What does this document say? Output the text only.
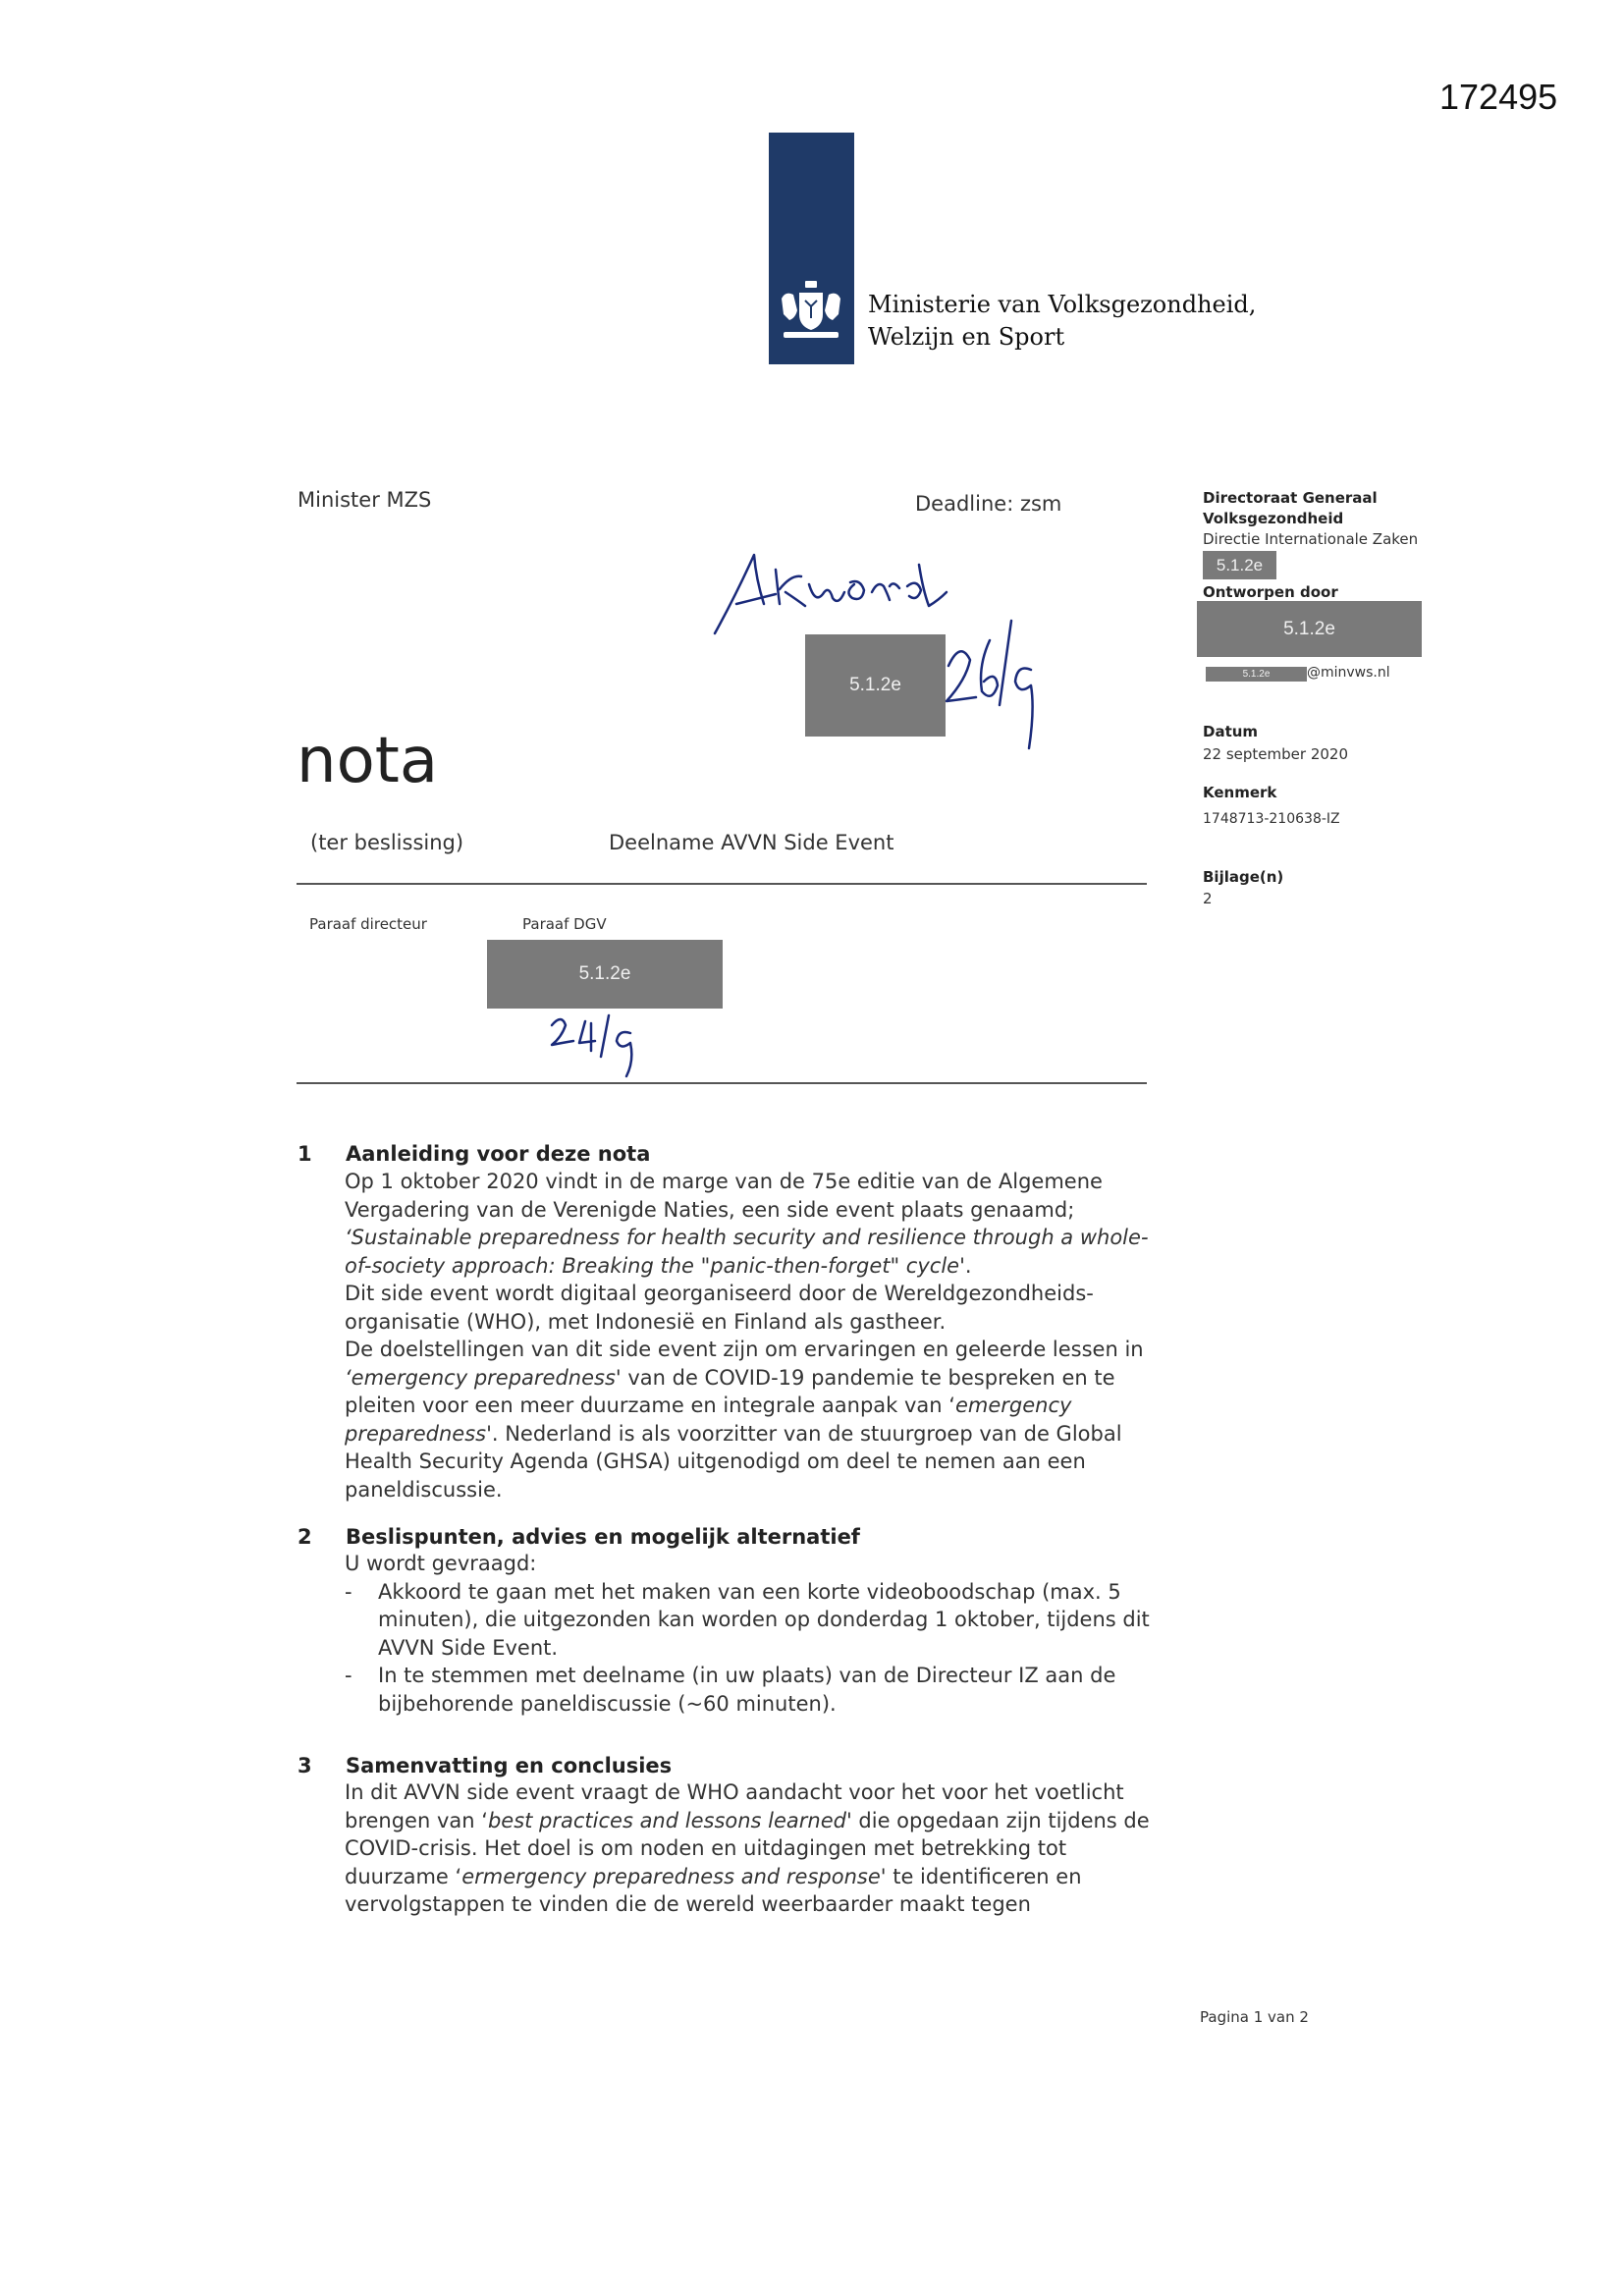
172495
Ministerie van Volksgezondheid,
Welzijn en Sport
Minister MZS	Deadline: zsm
5.1.2e
Directoraat Generaal
Volksgezondheid
Directie Internationale Zaken
5.1.2e
Ontworpen door
5.1.2e
5.1.2e	@minvws.nl
Datum
22 september 2020
Kenmerk
1748713-210638-IZ
Bijlage(n)
2
nota
(ter beslissing)	Deelname AVVN Side Event
Paraaf directeur	Paraaf DGV
5.1.2e
1 Aanleiding voor deze nota

Op 1 oktober 2020 vindt in de marge van de 75e editie van de Algemene

Vergadering van de Verenigde Naties, een side event plaats genaamd;

‘Sustainable preparedness for health security and resilience through a whole-

of-society approach: Breaking the "panic-then-forget" cycle'.

Dit side event wordt digitaal georganiseerd door de Wereldgezondheids-

organisatie (WHO), met Indonesië en Finland als gastheer.

De doelstellingen van dit side event zijn om ervaringen en geleerde lessen in

‘emergency preparedness' van de COVID-19 pandemie te bespreken en te

pleiten voor een meer duurzame en integrale aanpak van ‘emergency

preparedness'. Nederland is als voorzitter van de stuurgroep van de Global

Health Security Agenda (GHSA) uitgenodigd om deel te nemen aan een

paneldiscussie.

2 Beslispunten, advies en mogelijk alternatief

U wordt gevraagd:

-	Akkoord te gaan met het maken van een korte videoboodschap (max. 5

minuten), die uitgezonden kan worden op donderdag 1 oktober, tijdens dit

AVVN Side Event.

-	In te stemmen met deelname (in uw plaats) van de Directeur IZ aan de

bijbehorende paneldiscussie (~60 minuten).

3 Samenvatting en conclusies

In dit AVVN side event vraagt de WHO aandacht voor het voor het voetlicht

brengen van ‘best practices and lessons learned' die opgedaan zijn tijdens de

COVID-crisis. Het doel is om noden en uitdagingen met betrekking tot

duurzame ‘ermergency preparedness and response' te identificeren en

vervolgstappen te vinden die de wereld weerbaarder maakt tegen

Pagina 1 van 2
